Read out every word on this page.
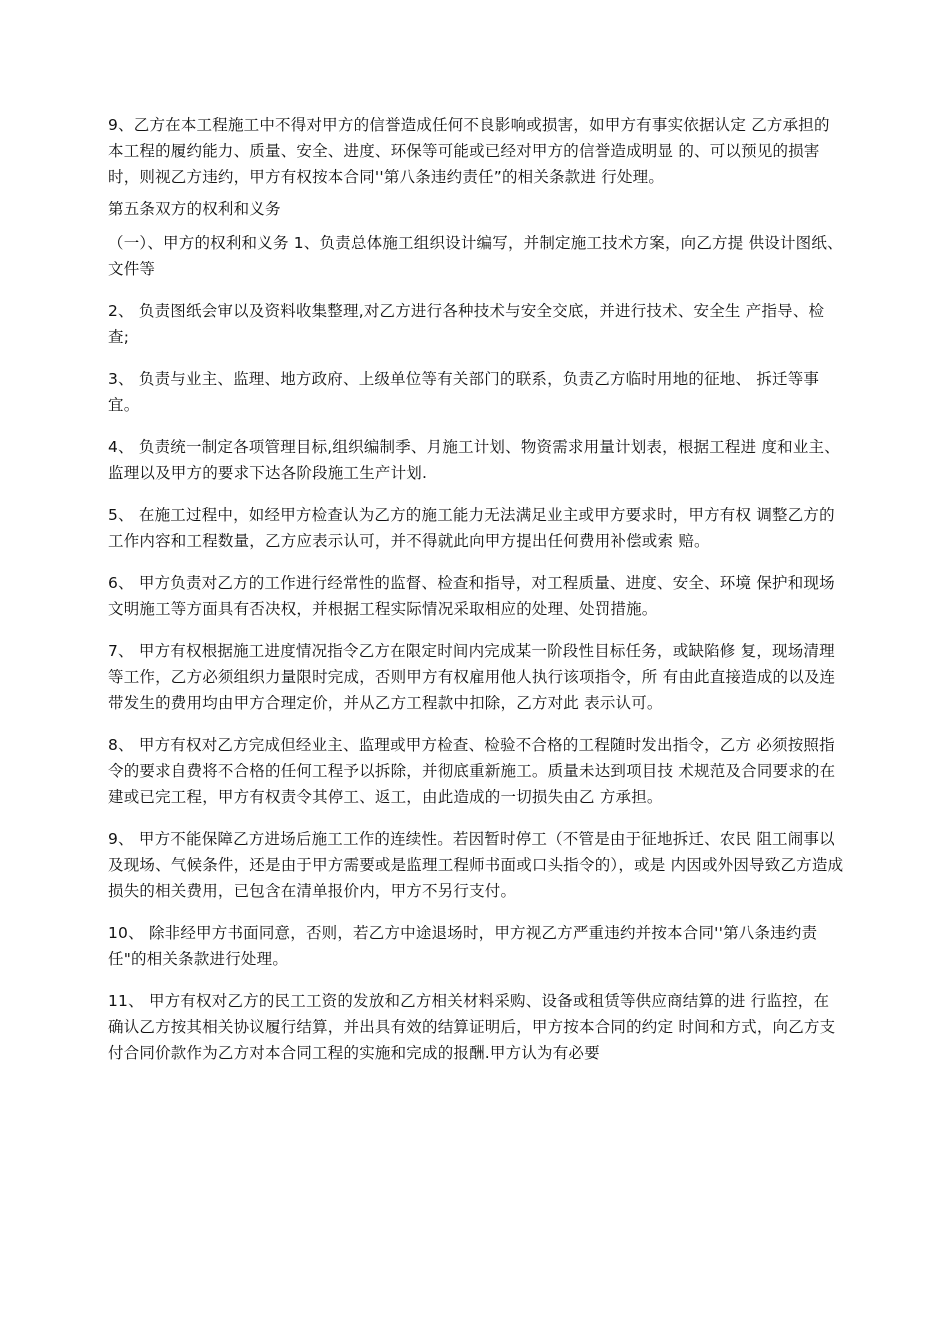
9、乙方在本工程施工中不得对甲方的信誉造成任何不良影响或损害，如甲方有事实依据认定 乙方承担的本工程的履约能力、质量、安全、进度、环保等可能或已经对甲方的信誉造成明显 的、可以预见的损害时，则视乙方违约，甲方有权按本合同''第八条违约责任”的相关条款进 行处理。

第五条双方的权利和义务

（一）、甲方的权利和义务 1、负责总体施工组织设计编写，并制定施工技术方案，向乙方提 供设计图纸、文件等

2、 负责图纸会审以及资料收集整理,对乙方进行各种技术与安全交底，并进行技术、安全生 产指导、检查;

3、 负责与业主、监理、地方政府、上级单位等有关部门的联系，负责乙方临时用地的征地、 拆迁等事宜。

4、 负责统一制定各项管理目标,组织编制季、月施工计划、物资需求用量计划表，根据工程进 度和业主、监理以及甲方的要求下达各阶段施工生产计划.

5、 在施工过程中，如经甲方检查认为乙方的施工能力无法满足业主或甲方要求时，甲方有权 调整乙方的工作内容和工程数量，乙方应表示认可，并不得就此向甲方提出任何费用补偿或索 赔。

6、 甲方负责对乙方的工作进行经常性的监督、检查和指导，对工程质量、进度、安全、环境 保护和现场文明施工等方面具有否决权，并根据工程实际情况采取相应的处理、处罚措施。

7、 甲方有权根据施工进度情况指令乙方在限定时间内完成某一阶段性目标任务，或缺陷修 复，现场清理等工作，乙方必须组织力量限时完成，否则甲方有权雇用他人执行该项指令，所 有由此直接造成的以及连带发生的费用均由甲方合理定价，并从乙方工程款中扣除，乙方对此 表示认可。

8、 甲方有权对乙方完成但经业主、监理或甲方检查、检验不合格的工程随时发出指令，乙方 必须按照指令的要求自费将不合格的任何工程予以拆除，并彻底重新施工。质量未达到项目技 术规范及合同要求的在建或已完工程，甲方有权责令其停工、返工，由此造成的一切损失由乙 方承担。

9、 甲方不能保障乙方进场后施工工作的连续性。若因暂时停工（不管是由于征地拆迁、农民 阻工闹事以及现场、气候条件，还是由于甲方需要或是监理工程师书面或口头指令的），或是 内因或外因导致乙方造成损失的相关费用，已包含在清单报价内，甲方不另行支付。

10、 除非经甲方书面同意，否则，若乙方中途退场时，甲方视乙方严重违约并按本合同''第八条违约责任"的相关条款进行处理。

11、 甲方有权对乙方的民工工资的发放和乙方相关材料采购、设备或租赁等供应商结算的进 行监控，在确认乙方按其相关协议履行结算，并出具有效的结算证明后，甲方按本合同的约定 时间和方式，向乙方支付合同价款作为乙方对本合同工程的实施和完成的报酬.甲方认为有必要
